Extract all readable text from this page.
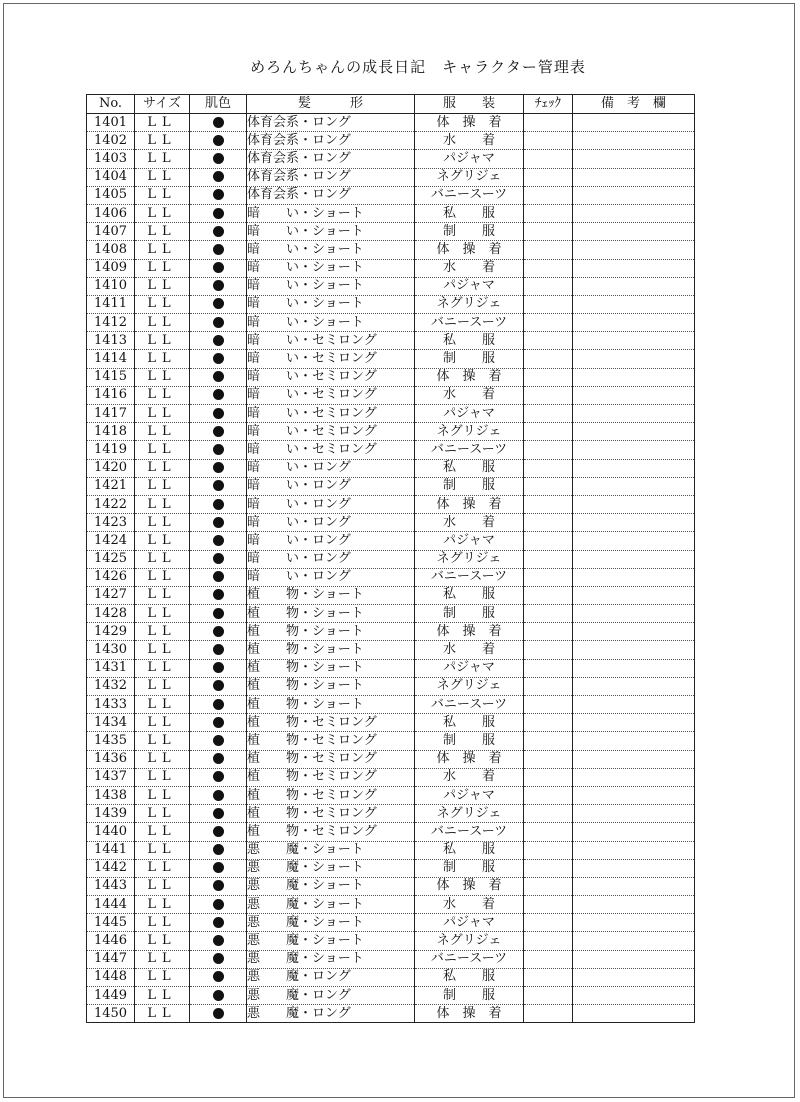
めろんちゃんの成長日記　キャラクター管理表
No.	サイズ	肌色	髪　　　形	服　　装	ﾁｪｯｸ	備　考　欄
1401	LL		体育会系・ロング	体　操　着		
1402	LL		体育会系・ロング	水　　着		
1403	LL		体育会系・ロング	パジャマ		
1404	LL		体育会系・ロング	ネグリジェ		
1405	LL		体育会系・ロング	バニースーツ		
1406	LL		暗　　い・ショート	私　　服		
1407	LL		暗　　い・ショート	制　　服		
1408	LL		暗　　い・ショート	体　操　着		
1409	LL		暗　　い・ショート	水　　着		
1410	LL		暗　　い・ショート	パジャマ		
1411	LL		暗　　い・ショート	ネグリジェ		
1412	LL		暗　　い・ショート	バニースーツ		
1413	LL		暗　　い・セミロング	私　　服		
1414	LL		暗　　い・セミロング	制　　服		
1415	LL		暗　　い・セミロング	体　操　着		
1416	LL		暗　　い・セミロング	水　　着		
1417	LL		暗　　い・セミロング	パジャマ		
1418	LL		暗　　い・セミロング	ネグリジェ		
1419	LL		暗　　い・セミロング	バニースーツ		
1420	LL		暗　　い・ロング	私　　服		
1421	LL		暗　　い・ロング	制　　服		
1422	LL		暗　　い・ロング	体　操　着		
1423	LL		暗　　い・ロング	水　　着		
1424	LL		暗　　い・ロング	パジャマ		
1425	LL		暗　　い・ロング	ネグリジェ		
1426	LL		暗　　い・ロング	バニースーツ		
1427	LL		植　　物・ショート	私　　服		
1428	LL		植　　物・ショート	制　　服		
1429	LL		植　　物・ショート	体　操　着		
1430	LL		植　　物・ショート	水　　着		
1431	LL		植　　物・ショート	パジャマ		
1432	LL		植　　物・ショート	ネグリジェ		
1433	LL		植　　物・ショート	バニースーツ		
1434	LL		植　　物・セミロング	私　　服		
1435	LL		植　　物・セミロング	制　　服		
1436	LL		植　　物・セミロング	体　操　着		
1437	LL		植　　物・セミロング	水　　着		
1438	LL		植　　物・セミロング	パジャマ		
1439	LL		植　　物・セミロング	ネグリジェ		
1440	LL		植　　物・セミロング	バニースーツ		
1441	LL		悪　　魔・ショート	私　　服		
1442	LL		悪　　魔・ショート	制　　服		
1443	LL		悪　　魔・ショート	体　操　着		
1444	LL		悪　　魔・ショート	水　　着		
1445	LL		悪　　魔・ショート	パジャマ		
1446	LL		悪　　魔・ショート	ネグリジェ		
1447	LL		悪　　魔・ショート	バニースーツ		
1448	LL		悪　　魔・ロング	私　　服		
1449	LL		悪　　魔・ロング	制　　服		
1450	LL		悪　　魔・ロング	体　操　着		
